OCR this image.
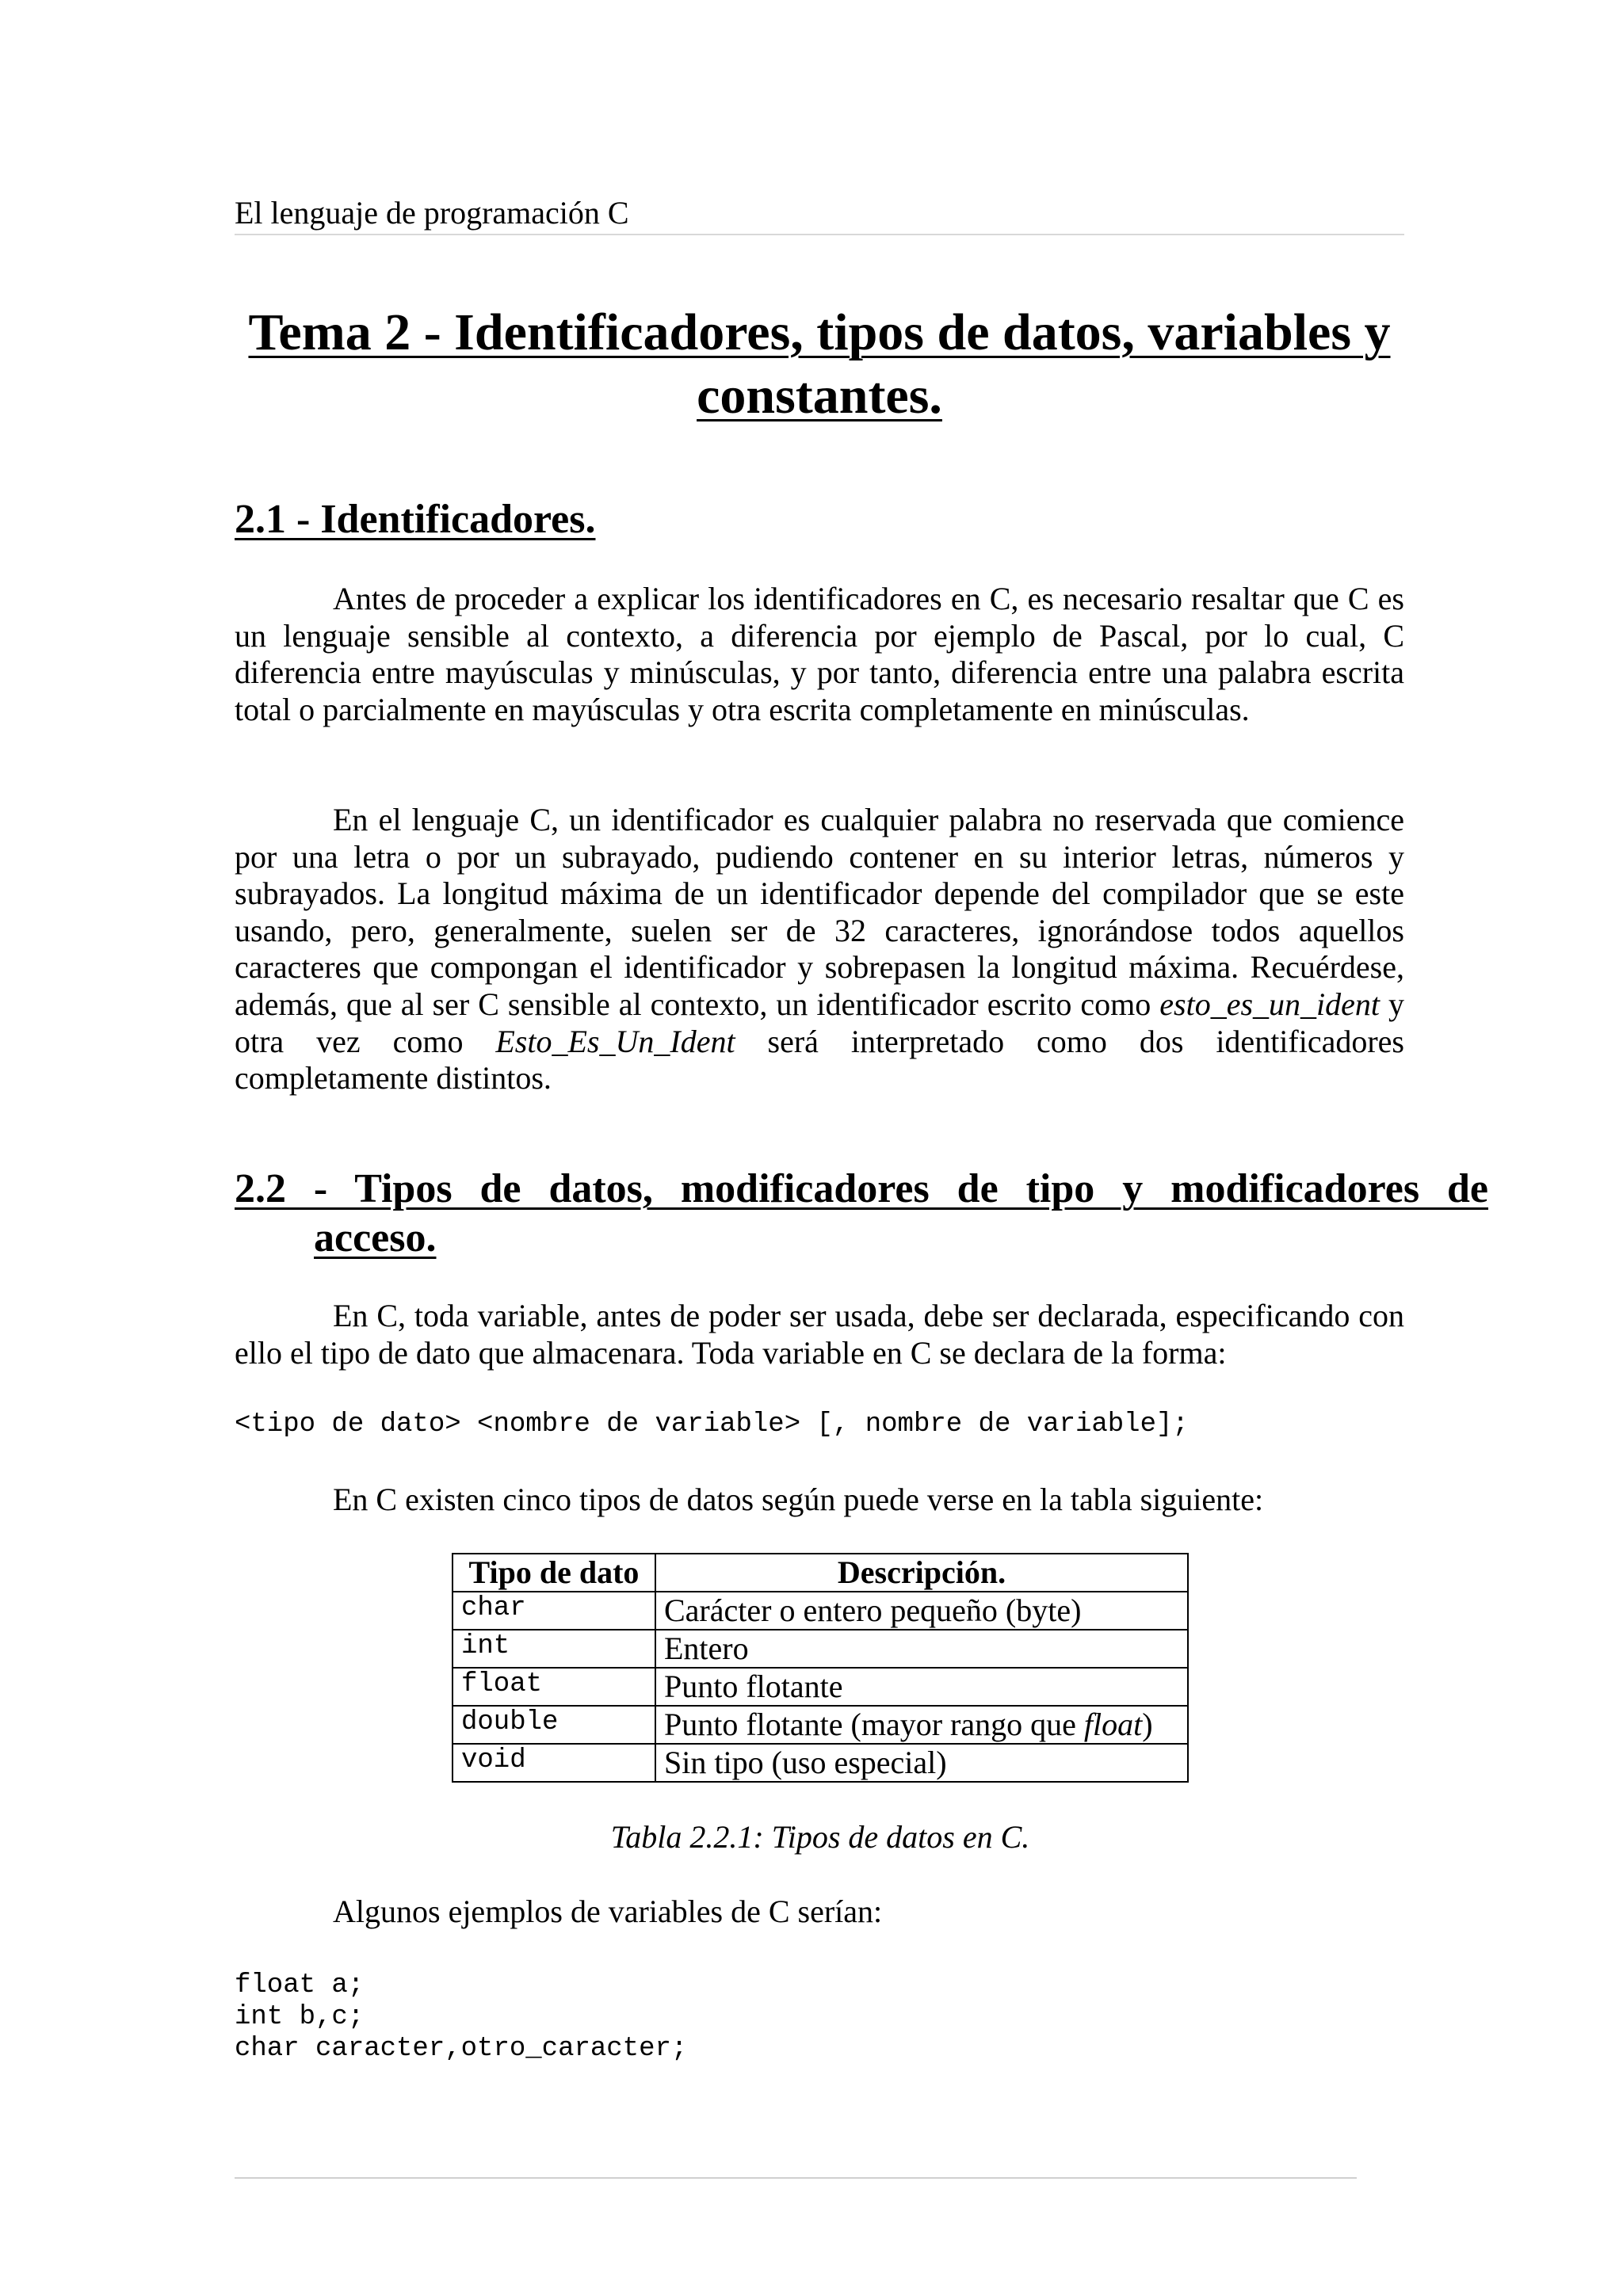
El lenguaje de programación C
Tema 2 - Identificadores, tipos de datos, variables y constantes.
2.1 - Identificadores.

Antes de proceder a explicar los identificadores en C, es necesario resaltar que C es un lenguaje sensible al contexto, a diferencia por ejemplo de Pascal, por lo cual, C diferencia entre mayúsculas y minúsculas, y por tanto, diferencia entre una palabra escrita total o parcialmente en mayúsculas y otra escrita completamente en minúsculas.

En el lenguaje C, un identificador es cualquier palabra no reservada que comience por una letra o por un subrayado, pudiendo contener en su interior letras, números y subrayados. La longitud máxima de un identificador depende del compilador que se este usando, pero, generalmente, suelen ser de 32 caracteres, ignorándose todos aquellos caracteres que compongan el identificador y sobrepasen la longitud máxima. Recuérdese, además, que al ser C sensible al contexto, un identificador escrito como esto_es_un_ident y otra vez como Esto_Es_Un_Ident será interpretado como dos identificadores completamente distintos.

2.2 - Tipos de datos, modificadores de tipo y modificadores de acceso.

En C, toda variable, antes de poder ser usada, debe ser declarada, especificando con ello el tipo de dato que almacenara. Toda variable en C se declara de la forma:

<tipo de dato> <nombre de variable> [, nombre de variable];

En C existen cinco tipos de datos según puede verse en la tabla siguiente:

Tipo de dato	Descripción.
char	Carácter o entero pequeño (byte)
int	Entero
float	Punto flotante
double	Punto flotante (mayor rango que float)
void	Sin tipo (uso especial)
Tabla 2.2.1: Tipos de datos en C.

Algunos ejemplos de variables de C serían:

float a;
int b,c;
char caracter,otro_caracter;
